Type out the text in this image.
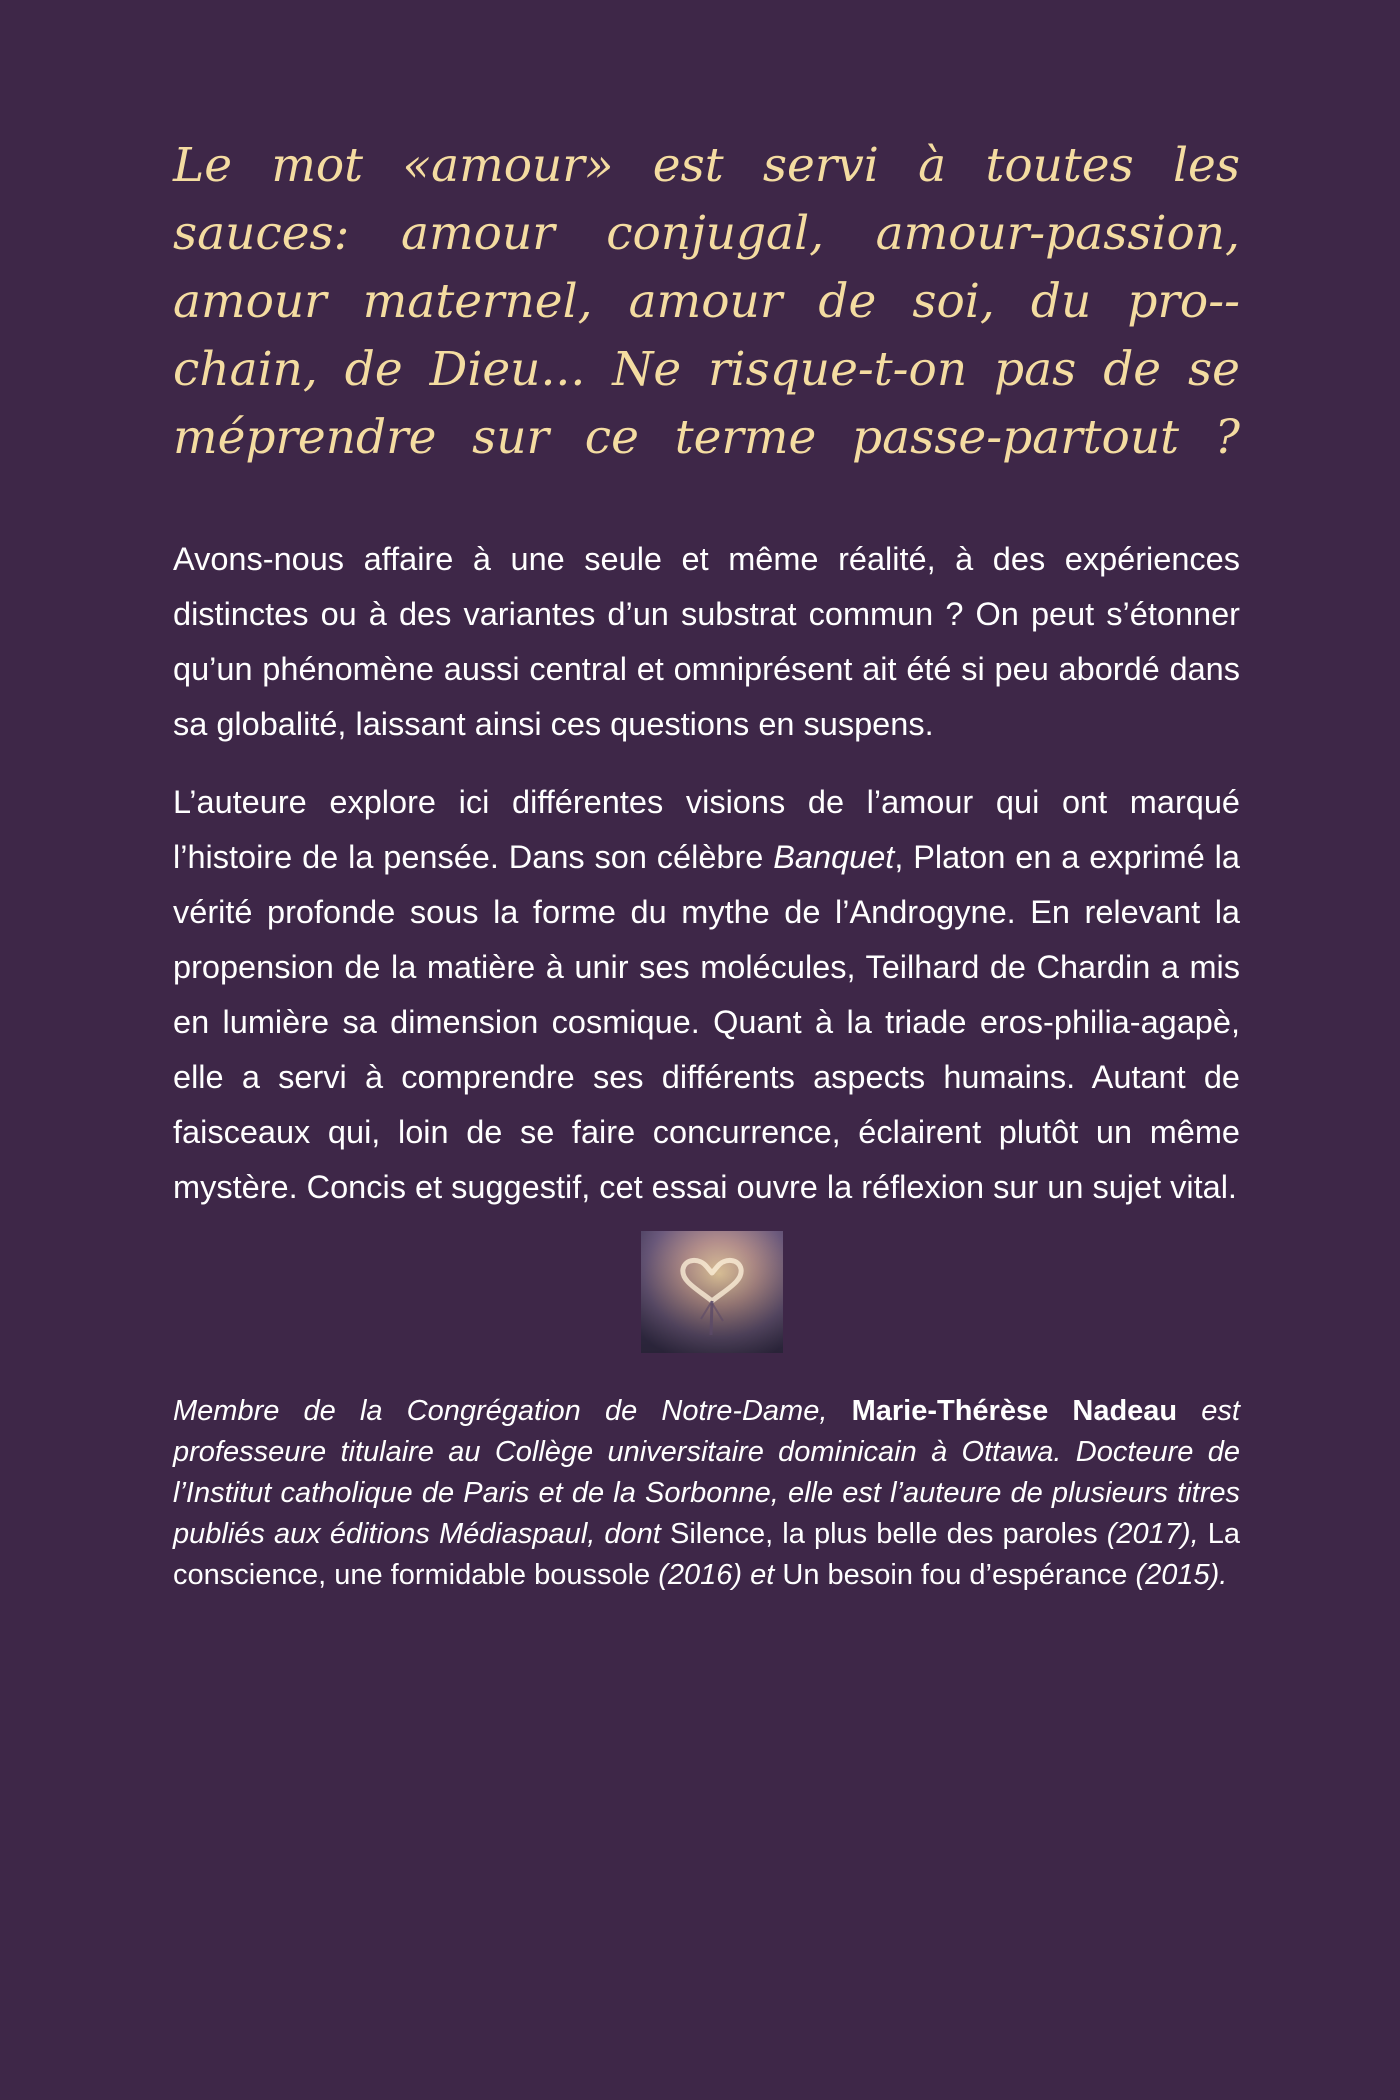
Le mot «amour» est servi à toutes les sauces: amour conjugal, amour-passion, amour maternel, amour de soi, du pro-chain, de Dieu... Ne risque-t-on pas de se méprendre sur ce terme passe-partout ?

Avons-nous affaire à une seule et même réalité, à des expériences distinctes ou à des variantes d’un substrat commun ? On peut s’étonner qu’un phénomène aussi central et omniprésent ait été si peu abordé dans sa globalité, laissant ainsi ces questions en suspens.

L’auteure explore ici différentes visions de l’amour qui ont marqué l’histoire de la pensée. Dans son célèbre Banquet, Platon en a exprimé la vérité profonde sous la forme du mythe de l’Androgyne. En relevant la propension de la matière à unir ses molécules, Teilhard de Chardin a mis en lumière sa dimension cosmique. Quant à la triade eros-philia-agapè, elle a servi à comprendre ses différents aspects humains. Autant de faisceaux qui, loin de se faire concurrence, éclairent plutôt un même mystère. Concis et suggestif, cet essai ouvre la réflexion sur un sujet vital.

Membre de la Congrégation de Notre-Dame, Marie-Thérèse Nadeau est professeure titulaire au Collège universitaire dominicain à Ottawa. Docteure de l’Institut catholique de Paris et de la Sorbonne, elle est l’auteure de plusieurs titres publiés aux éditions Médiaspaul, dont Silence, la plus belle des paroles (2017), La conscience, une formidable boussole (2016) et Un besoin fou d’espérance (2015).
